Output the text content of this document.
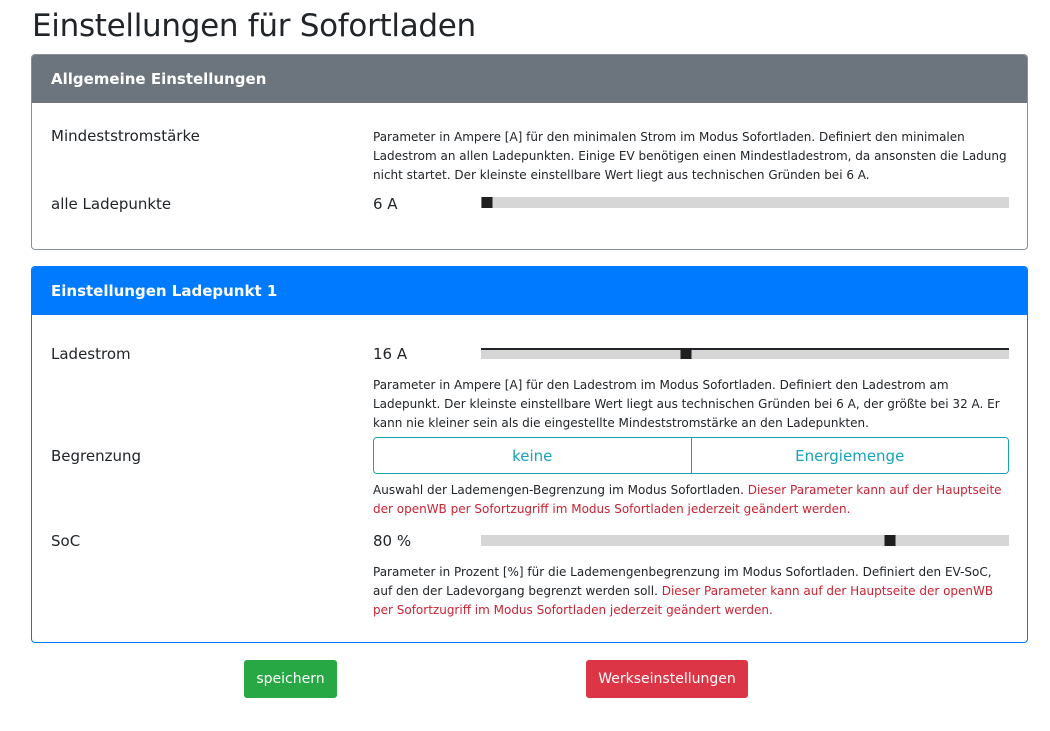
Einstellungen für Sofortladen
Allgemeine Einstellungen
Mindeststromstärke	Parameter in Ampere [A] für den minimalen Strom im Modus Sofortladen. Definiert den minimalen Ladestrom an allen Ladepunkten. Einige EV benötigen einen Mindestladestrom, da ansonsten die Ladung nicht startet. Der kleinste einstellbare Wert liegt aus technischen Gründen bei 6 A.
alle Ladepunkte	6 A
Einstellungen Ladepunkt 1
Ladestrom	16 A
Parameter in Ampere [A] für den Ladestrom im Modus Sofortladen. Definiert den Ladestrom am Ladepunkt. Der kleinste einstellbare Wert liegt aus technischen Gründen bei 6 A, der größte bei 32 A. Er kann nie kleiner sein als die eingestellte Mindeststromstärke an den Ladepunkten.
Begrenzung	keine	Energiemenge
Auswahl der Lademengen-Begrenzung im Modus Sofortladen. Dieser Parameter kann auf der Hauptseite der openWB per Sofortzugriff im Modus Sofortladen jederzeit geändert werden.
SoC	80 %
Parameter in Prozent [%] für die Lademengenbegrenzung im Modus Sofortladen. Definiert den EV-SoC, auf den der Ladevorgang begrenzt werden soll. Dieser Parameter kann auf der Hauptseite der openWB per Sofortzugriff im Modus Sofortladen jederzeit geändert werden.
speichern	Werkseinstellungen
